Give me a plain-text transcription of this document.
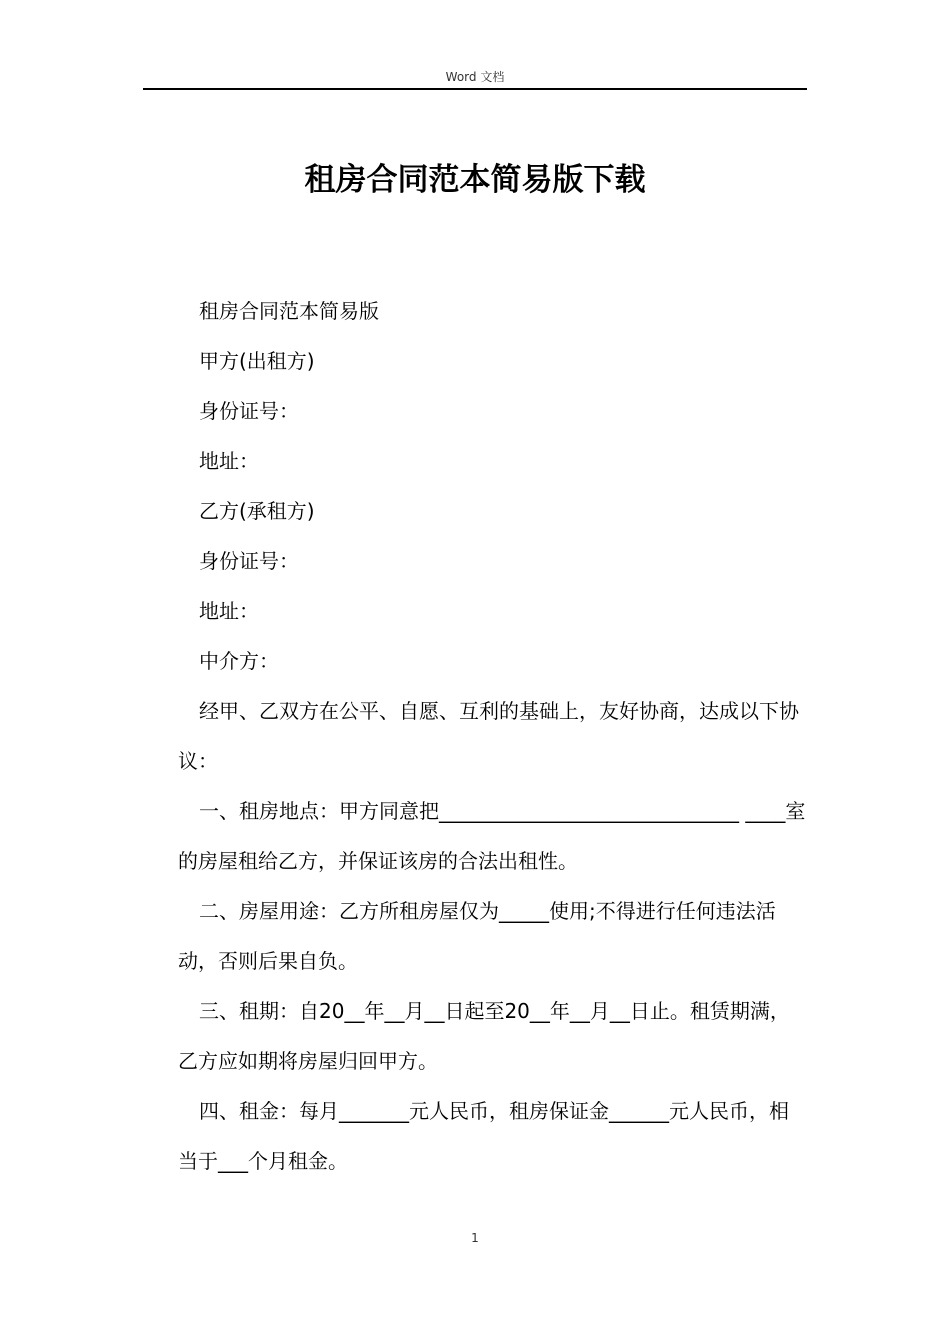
Word 文档
租房合同范本简易版下载

租房合同范本简易版

甲方(出租方)

身份证号：

地址：

乙方(承租方)

身份证号：

地址：

中介方：

经甲、乙双方在公平、自愿、互利的基础上，友好协商，达成以下协议：

一、租房地点：甲方同意把______________________________ ____室的房屋租给乙方，并保证该房的合法出租性。

二、房屋用途：乙方所租房屋仅为_____使用;不得进行任何违法活动，否则后果自负。

三、租期：自20__年__月__日起至20__年__月__日止。租赁期满，乙方应如期将房屋归回甲方。

四、租金：每月_______元人民币，租房保证金______元人民币，相当于___个月租金。

1
